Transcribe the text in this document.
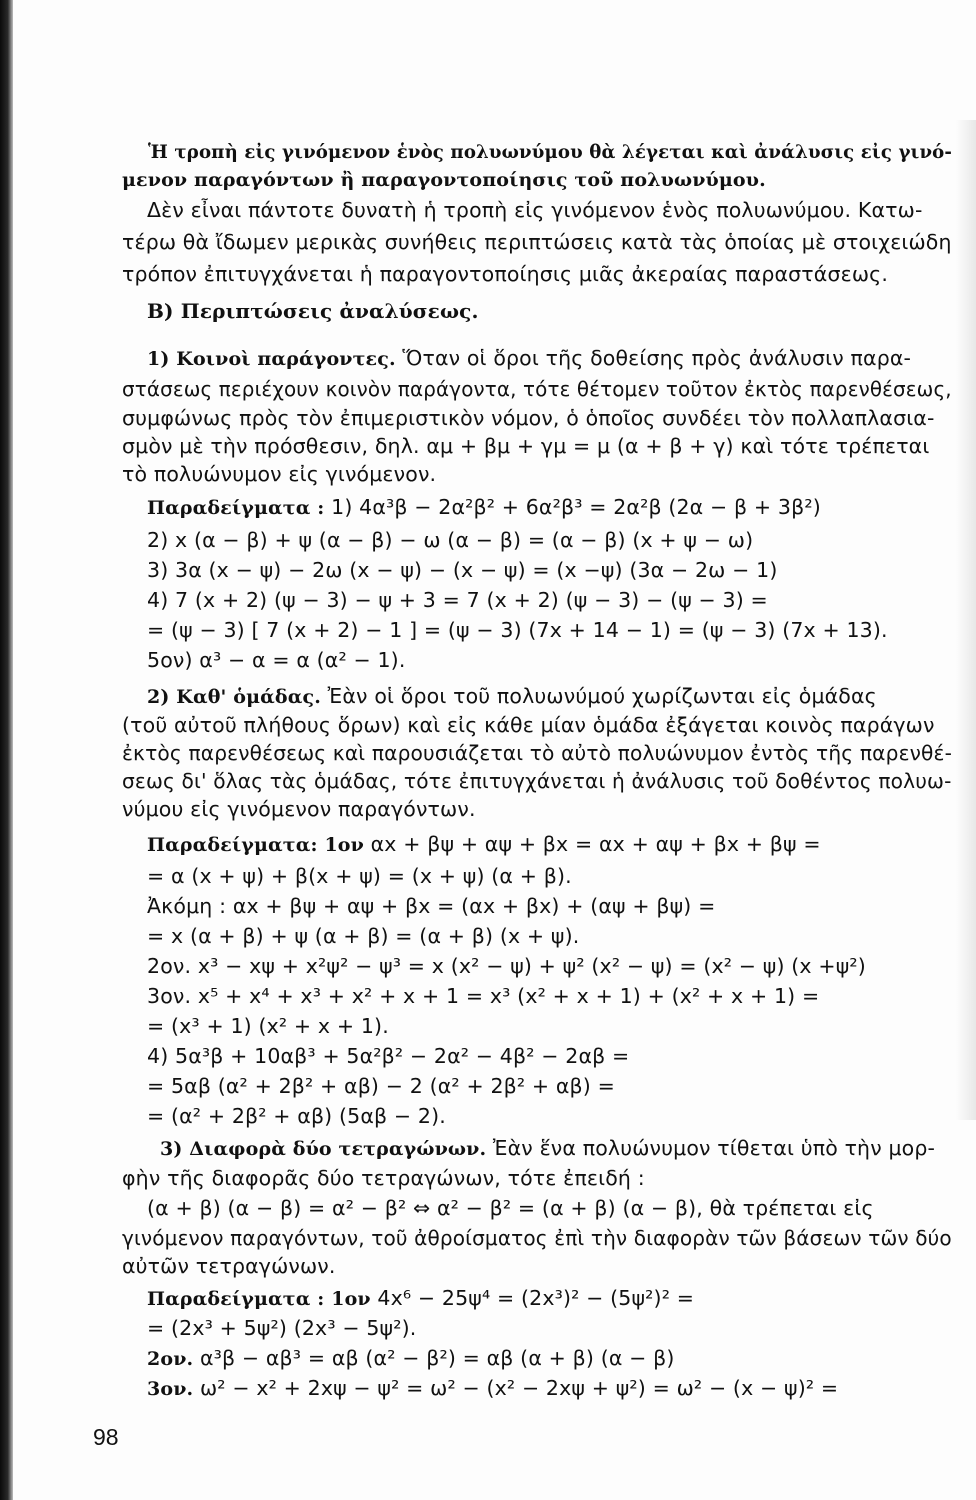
Ἡ τροπὴ εἰς γινόμενον ἑνὸς πολυωνύμου θὰ λέγεται καὶ ἀνάλυσις εἰς γινό-
μενον παραγόντων ἢ παραγοντοποίησις τοῦ πολυωνύμου.
Δὲν εἶναι πάντοτε δυνατὴ ἡ τροπὴ εἰς γινόμενον ἑνὸς πολυωνύμου. Κατω-
τέρω θὰ ἴδωμεν μερικὰς συνήθεις περιπτώσεις κατὰ τὰς ὁποίας μὲ στοιχειώδη
τρόπον ἐπιτυγχάνεται ἡ παραγοντοποίησις μιᾶς ἀκεραίας παραστάσεως.
Β) Περιπτώσεις ἀναλύσεως.
1) Κοινοὶ παράγοντες. Ὅταν οἱ ὅροι τῆς δοθείσης πρὸς ἀνάλυσιν παρα-
στάσεως περιέχουν κοινὸν παράγοντα, τότε θέτομεν τοῦτον ἐκτὸς παρενθέσεως,
συμφώνως πρὸς τὸν ἐπιμεριστικὸν νόμον, ὁ ὁποῖος συνδέει τὸν πολλαπλασια-
σμὸν μὲ τὴν πρόσθεσιν, δηλ. αμ + βμ + γμ = μ (α + β + γ) καὶ τότε τρέπεται
τὸ πολυώνυμον εἰς γινόμενον.
Παραδείγματα : 1) 4α³β − 2α²β² + 6α²β³ = 2α²β (2α − β + 3β²)
2) x (α − β) + ψ (α − β) − ω (α − β) = (α − β) (x + ψ − ω)
3) 3α (x − ψ) − 2ω (x − ψ) − (x − ψ) = (x −ψ) (3α − 2ω − 1)
4) 7 (x + 2) (ψ − 3) − ψ + 3 = 7 (x + 2) (ψ − 3) − (ψ − 3) =
= (ψ − 3) [ 7 (x + 2) − 1 ] = (ψ − 3) (7x + 14 − 1) = (ψ − 3) (7x + 13).
5ον) α³ − α = α (α² − 1).
2) Καθ' ὁμάδας. Ἐὰν οἱ ὅροι τοῦ πολυωνύμού χωρίζωνται εἰς ὁμάδας
(τοῦ αὐτοῦ πλήθους ὅρων) καὶ εἰς κάθε μίαν ὁμάδα ἐξάγεται κοινὸς παράγων
ἐκτὸς παρενθέσεως καὶ παρουσιάζεται τὸ αὐτὸ πολυώνυμον ἐντὸς τῆς παρενθέ-
σεως δι' ὅλας τὰς ὁμάδας, τότε ἐπιτυγχάνεται ἡ ἀνάλυσις τοῦ δοθέντος πολυω-
νύμου εἰς γινόμενον παραγόντων.
Παραδείγματα: 1ον αx + βψ + αψ + βx = αx + αψ + βx + βψ =
= α (x + ψ) + β(x + ψ) = (x + ψ) (α + β).
Ἀκόμη : αx + βψ + αψ + βx = (αx + βx) + (αψ + βψ) =
= x (α + β) + ψ (α + β) = (α + β) (x + ψ).
2ον. x³ − xψ + x²ψ² − ψ³ = x (x² − ψ) + ψ² (x² − ψ) = (x² − ψ) (x +ψ²)
3ον. x⁵ + x⁴ + x³ + x² + x + 1 = x³ (x² + x + 1) + (x² + x + 1) =
= (x³ + 1) (x² + x + 1).
4) 5α³β + 10αβ³ + 5α²β² − 2α² − 4β² − 2αβ =
= 5αβ (α² + 2β² + αβ) − 2 (α² + 2β² + αβ) =
= (α² + 2β² + αβ) (5αβ − 2).
3) Διαφορὰ δύο τετραγώνων. Ἐὰν ἕνα πολυώνυμον τίθεται ὑπὸ τὴν μορ-
φὴν τῆς διαφορᾶς δύο τετραγώνων, τότε ἐπειδή :
(α + β) (α − β) = α² − β² ⇔ α² − β² = (α + β) (α − β), θὰ τρέπεται εἰς
γινόμενον παραγόντων, τοῦ ἀθροίσματος ἐπὶ τὴν διαφορὰν τῶν βάσεων τῶν δύο
αὐτῶν τετραγώνων.
Παραδείγματα : 1ον 4x⁶ − 25ψ⁴ = (2x³)² − (5ψ²)² =
= (2x³ + 5ψ²) (2x³ − 5ψ²).
2ον. α³β − αβ³ = αβ (α² − β²) = αβ (α + β) (α − β)
3ον. ω² − x² + 2xψ − ψ² = ω² − (x² − 2xψ + ψ²) = ω² − (x − ψ)² =
98
